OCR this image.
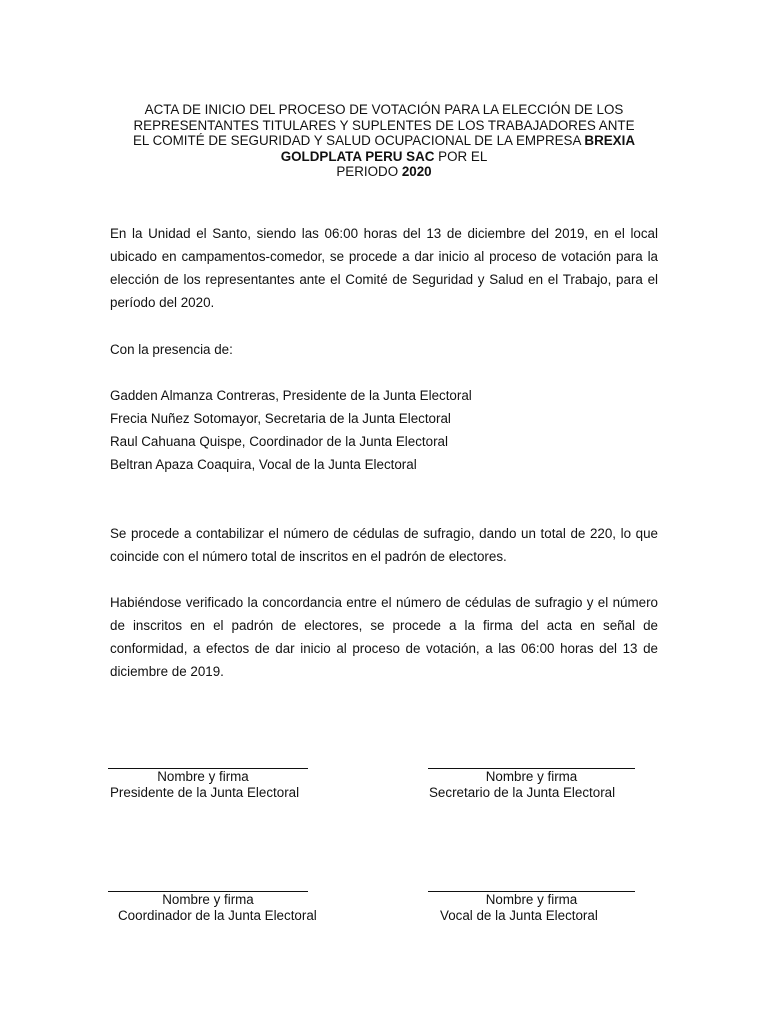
ACTA DE INICIO DEL PROCESO DE VOTACIÓN PARA LA ELECCIÓN DE LOS
REPRESENTANTES TITULARES Y SUPLENTES DE LOS TRABAJADORES ANTE
EL COMITÉ DE SEGURIDAD Y SALUD OCUPACIONAL DE LA EMPRESA BREXIA
GOLDPLATA PERU SAC POR EL
PERIODO 2020

En la Unidad el Santo, siendo las 06:00 horas del 13 de diciembre del 2019, en el local ubicado en campamentos-comedor, se procede a dar inicio al proceso de votación para la elección de los representantes ante el Comité de Seguridad y Salud en el Trabajo, para el período del 2020.

Con la presencia de:

Gadden Almanza Contreras, Presidente de la Junta Electoral
Frecia Nuñez Sotomayor, Secretaria de la Junta Electoral
Raul Cahuana Quispe, Coordinador de la Junta Electoral
Beltran Apaza Coaquira, Vocal de la Junta Electoral

Se procede a contabilizar el número de cédulas de sufragio, dando un total de 220, lo que coincide con el número total de inscritos en el padrón de electores.

Habiéndose verificado la concordancia entre el número de cédulas de sufragio y el número de inscritos en el padrón de electores, se procede a la firma del acta en señal de conformidad, a efectos de dar inicio al proceso de votación, a las 06:00 horas del 13 de diciembre de 2019.

Nombre y firma
Presidente de la Junta Electoral
Nombre y firma
Secretario de la Junta Electoral
Nombre y firma
Coordinador de la Junta Electoral
Nombre y firma
Vocal de la Junta Electoral
